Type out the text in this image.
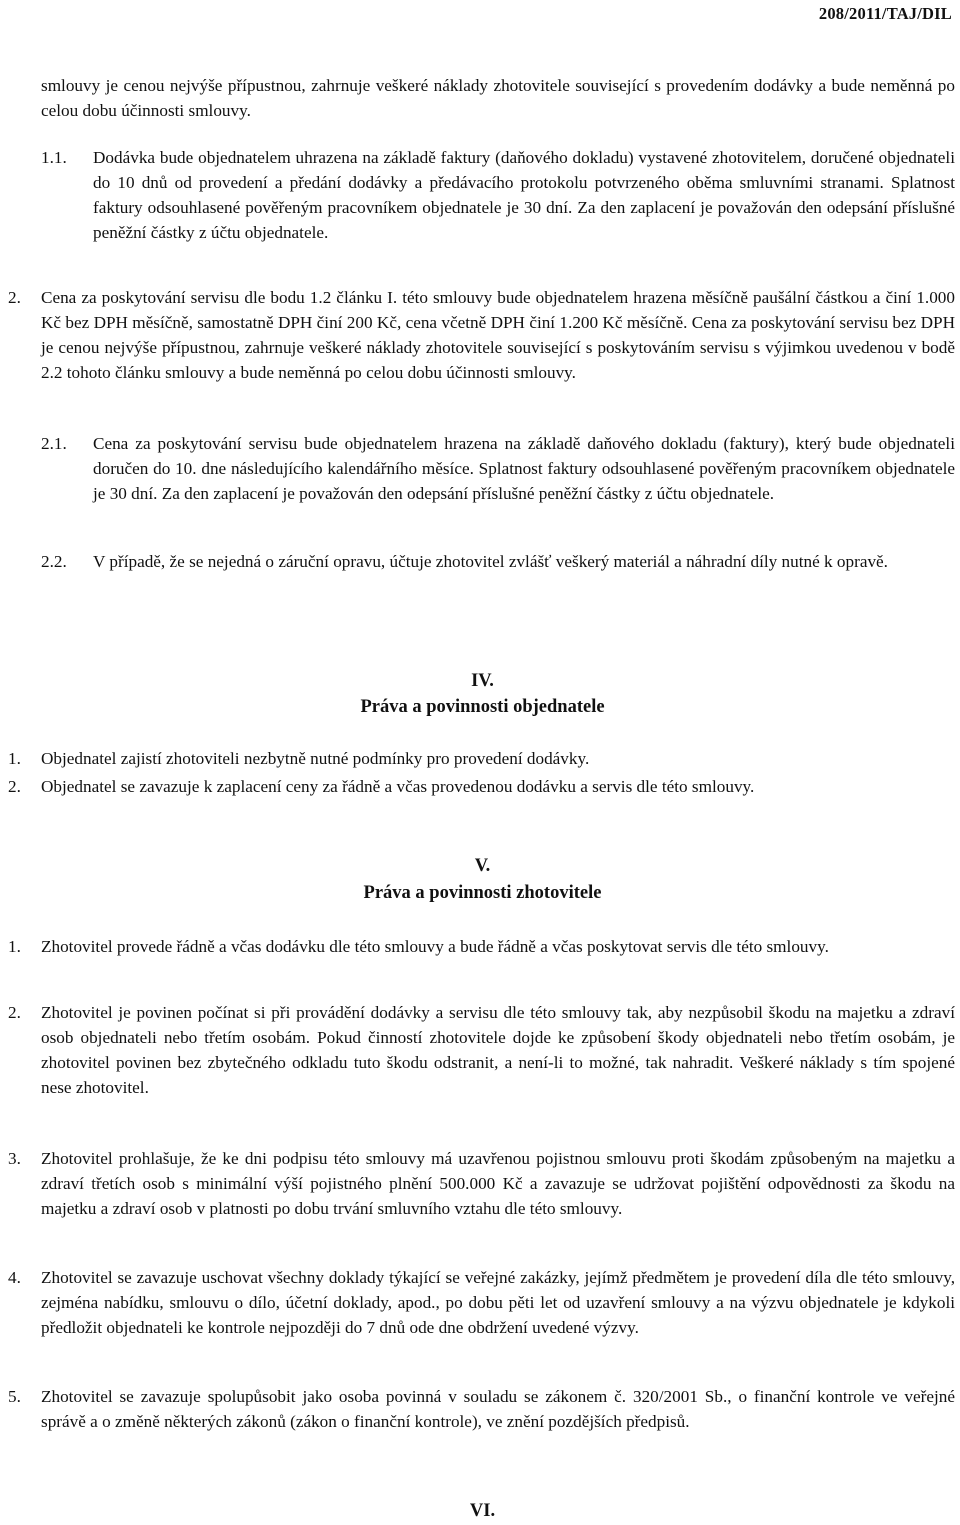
208/2011/TAJ/DIL
smlouvy je cenou nejvýše přípustnou, zahrnuje veškeré náklady zhotovitele související s provedením dodávky a bude neměnná po celou dobu účinnosti smlouvy.
1.1. Dodávka bude objednatelem uhrazena na základě faktury (daňového dokladu) vystavené zhotovitelem, doručené objednateli do 10 dnů od provedení a předání dodávky a předávacího protokolu potvrzeného oběma smluvními stranami. Splatnost faktury odsouhlasené pověřeným pracovníkem objednatele je 30 dní. Za den zaplacení je považován den odepsání příslušné peněžní částky z účtu objednatele.
2. Cena za poskytování servisu dle bodu 1.2 článku I. této smlouvy bude objednatelem hrazena měsíčně paušální částkou a činí 1.000 Kč bez DPH měsíčně, samostatně DPH činí 200 Kč, cena včetně DPH činí 1.200 Kč měsíčně. Cena za poskytování servisu bez DPH je cenou nejvýše přípustnou, zahrnuje veškeré náklady zhotovitele související s poskytováním servisu s výjimkou uvedenou v bodě 2.2 tohoto článku smlouvy a bude neměnná po celou dobu účinnosti smlouvy.
2.1. Cena za poskytování servisu bude objednatelem hrazena na základě daňového dokladu (faktury), který bude objednateli doručen do 10. dne následujícího kalendářního měsíce. Splatnost faktury odsouhlasené pověřeným pracovníkem objednatele je 30 dní. Za den zaplacení je považován den odepsání příslušné peněžní částky z účtu objednatele.
2.2. V případě, že se nejedná o záruční opravu, účtuje zhotovitel zvlášť veškerý materiál a náhradní díly nutné k opravě.
IV.
Práva a povinnosti objednatele
1. Objednatel zajistí zhotoviteli nezbytně nutné podmínky pro provedení dodávky.
2. Objednatel se zavazuje k zaplacení ceny za řádně a včas provedenou dodávku a servis dle této smlouvy.
V.
Práva a povinnosti zhotovitele
1. Zhotovitel provede řádně a včas dodávku dle této smlouvy a bude řádně a včas poskytovat servis dle této smlouvy.
2. Zhotovitel je povinen počínat si při provádění dodávky a servisu dle této smlouvy tak, aby nezpůsobil škodu na majetku a zdraví osob objednateli nebo třetím osobám. Pokud činností zhotovitele dojde ke způsobení škody objednateli nebo třetím osobám, je zhotovitel povinen bez zbytečného odkladu tuto škodu odstranit, a není-li to možné, tak nahradit. Veškeré náklady s tím spojené nese zhotovitel.
3. Zhotovitel prohlašuje, že ke dni podpisu této smlouvy má uzavřenou pojistnou smlouvu proti škodám způsobeným na majetku a zdraví třetích osob s minimální výší pojistného plnění 500.000 Kč a zavazuje se udržovat pojištění odpovědnosti za škodu na majetku a zdraví osob v platnosti po dobu trvání smluvního vztahu dle této smlouvy.
4. Zhotovitel se zavazuje uschovat všechny doklady týkající se veřejné zakázky, jejímž předmětem je provedení díla dle této smlouvy, zejména nabídku, smlouvu o dílo, účetní doklady, apod., po dobu pěti let od uzavření smlouvy a na výzvu objednatele je kdykoli předložit objednateli ke kontrole nejpozději do 7 dnů ode dne obdržení uvedené výzvy.
5. Zhotovitel se zavazuje spolupůsobit jako osoba povinná v souladu se zákonem č. 320/2001 Sb., o finanční kontrole ve veřejné správě a o změně některých zákonů (zákon o finanční kontrole), ve znění pozdějších předpisů.
VI.
